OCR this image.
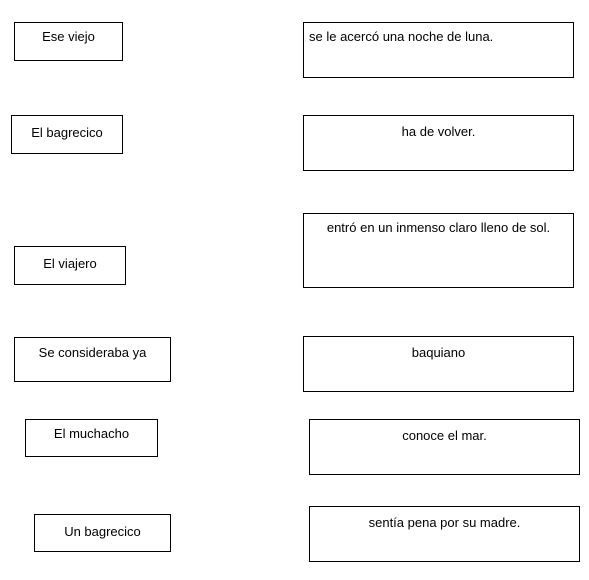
Ese viejo
El bagrecico
El viajero
Se consideraba ya
El muchacho
Un bagrecico
se le acercó una noche de luna.
ha de volver.
entró en un inmenso claro lleno de sol.
baquiano
conoce el mar.
sentía pena por su madre.
